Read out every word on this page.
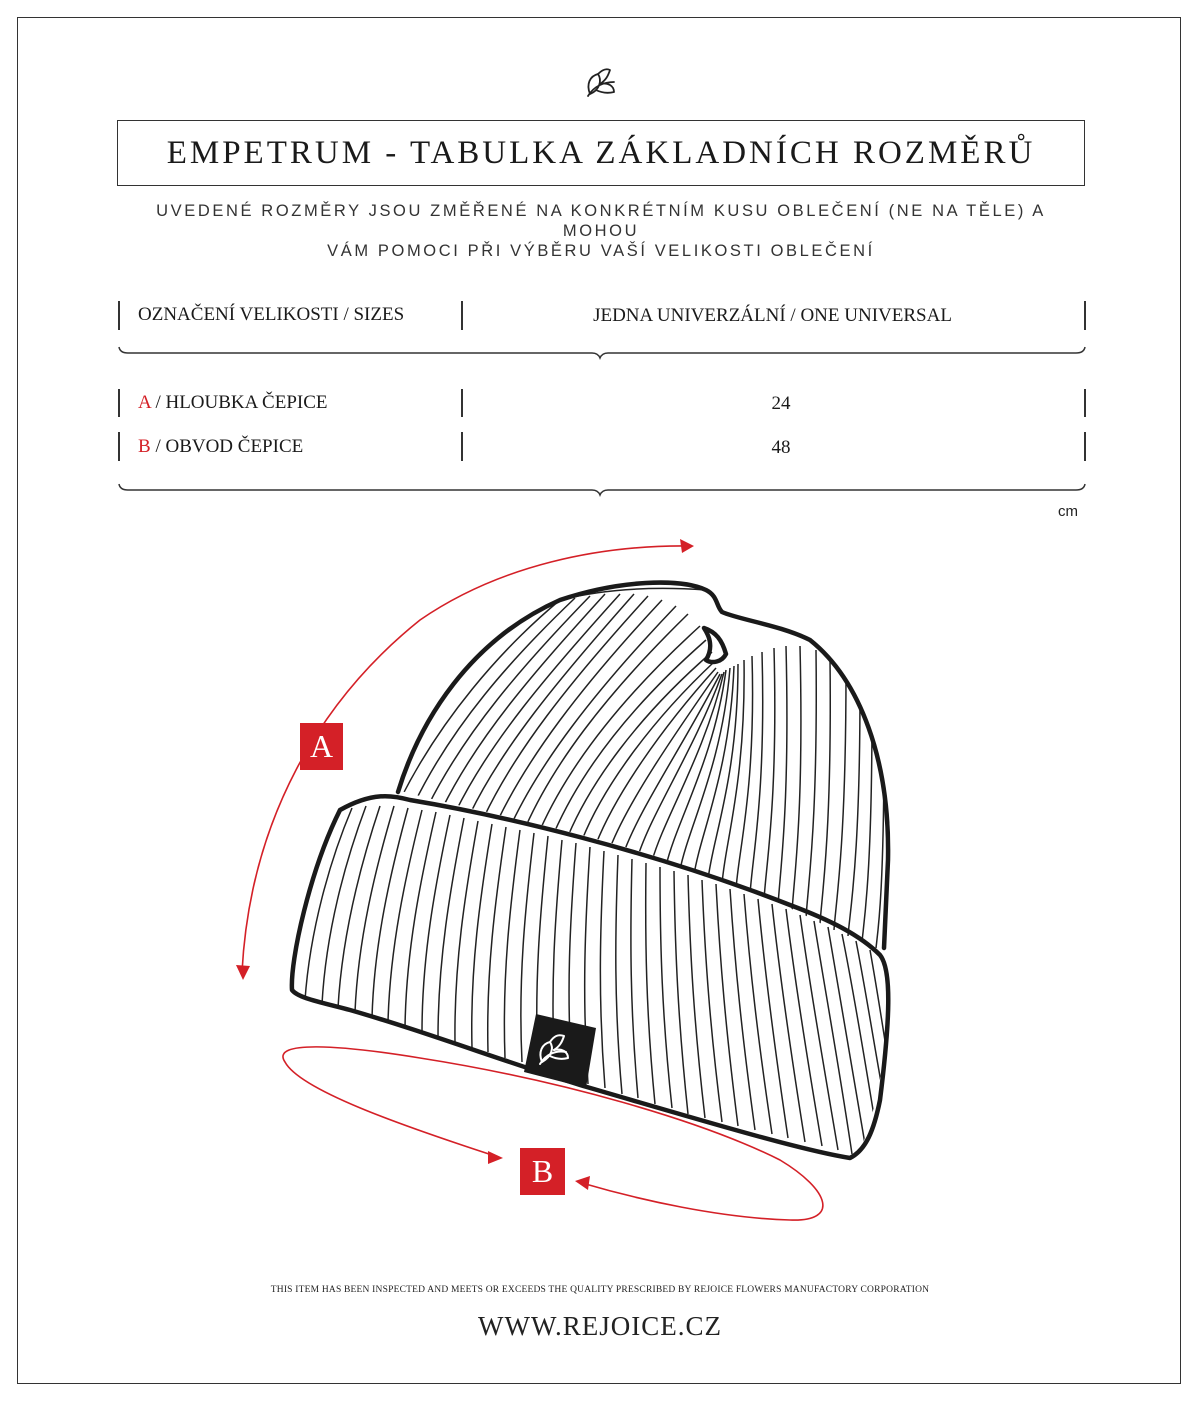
EMPETRUM - TABULKA ZÁKLADNÍCH ROZMĚRŮ
UVEDENÉ ROZMĚRY JSOU ZMĚŘENÉ NA KONKRÉTNÍM KUSU OBLEČENÍ (NE NA TĚLE) A MOHOU
VÁM POMOCI PŘI VÝBĚRU VAŠÍ VELIKOSTI OBLEČENÍ
OZNAČENÍ VELIKOSTI / SIZES	JEDNA UNIVERZÁLNÍ / ONE UNIVERSAL
A / HLOUBKA ČEPICE	24
B / OBVOD ČEPICE	48
cm
A
B
THIS ITEM HAS BEEN INSPECTED AND MEETS OR EXCEEDS THE QUALITY PRESCRIBED BY REJOICE FLOWERS MANUFACTORY CORPORATION
WWW.REJOICE.CZ
